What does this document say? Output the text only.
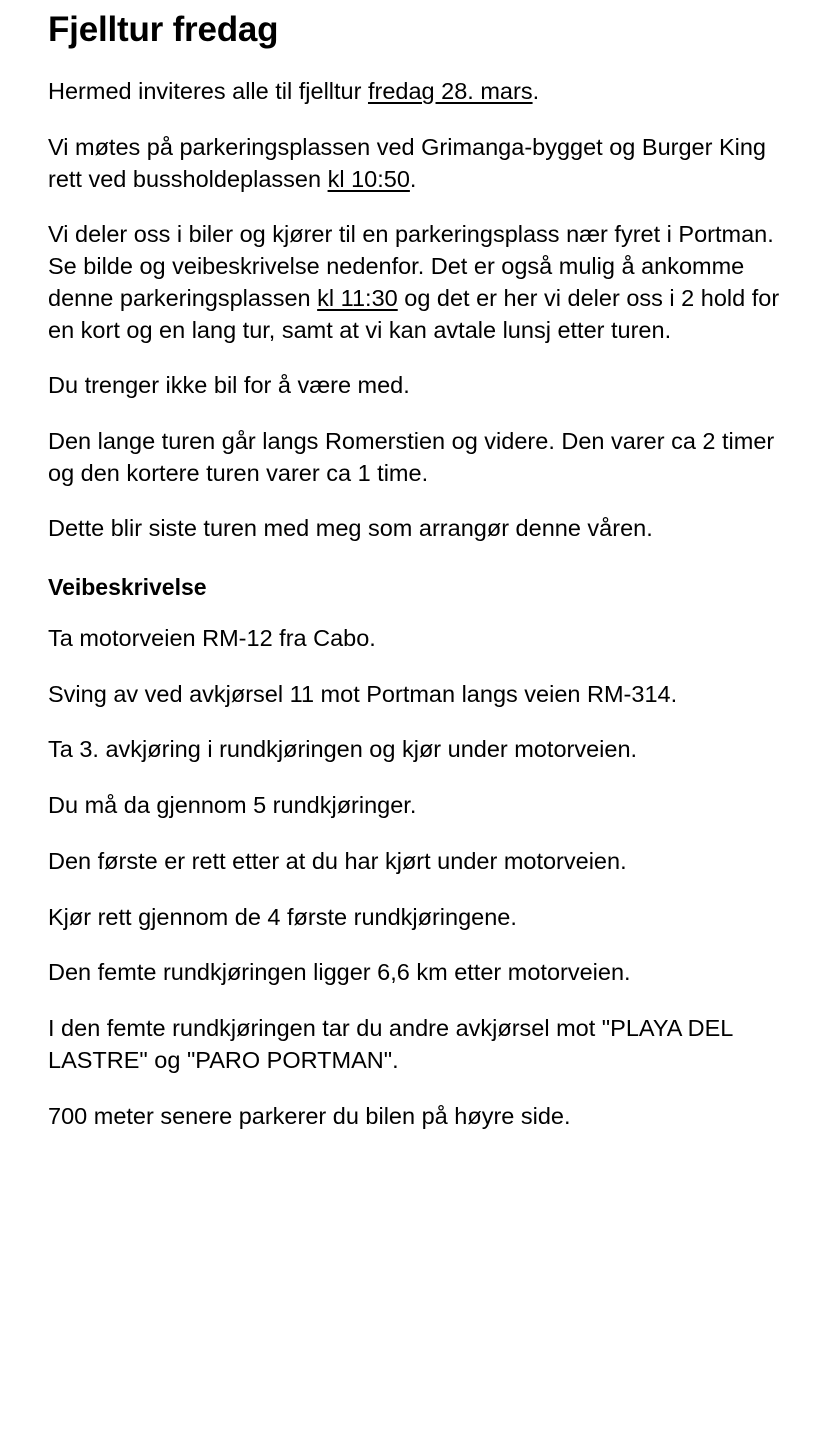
Fjelltur fredag

Hermed inviteres alle til fjelltur fredag 28. mars.

Vi møtes på parkeringsplassen ved Grimanga-bygget og Burger King rett ved bussholdeplassen kl 10:50.

Vi deler oss i biler og kjører til en parkeringsplass nær fyret i Portman. Se bilde og veibeskrivelse nedenfor. Det er også mulig å ankomme denne parkeringsplassen kl 11:30 og det er her vi deler oss i 2 hold for en kort og en lang tur, samt at vi kan avtale lunsj etter turen.

Du trenger ikke bil for å være med.

Den lange turen går langs Romerstien og videre. Den varer ca 2 timer og den kortere turen varer ca 1 time.

Dette blir siste turen med meg som arrangør denne våren.

Veibeskrivelse

Ta motorveien RM-12 fra Cabo.

Sving av ved avkjørsel 11 mot Portman langs veien RM-314.

Ta 3. avkjøring i rundkjøringen og kjør under motorveien.

Du må da gjennom 5 rundkjøringer.

Den første er rett etter at du har kjørt under motorveien.

Kjør rett gjennom de 4 første rundkjøringene.

Den femte rundkjøringen ligger 6,6 km etter motorveien.

I den femte rundkjøringen tar du andre avkjørsel mot "PLAYA DEL LASTRE" og "PARO PORTMAN".

700 meter senere parkerer du bilen på høyre side.
